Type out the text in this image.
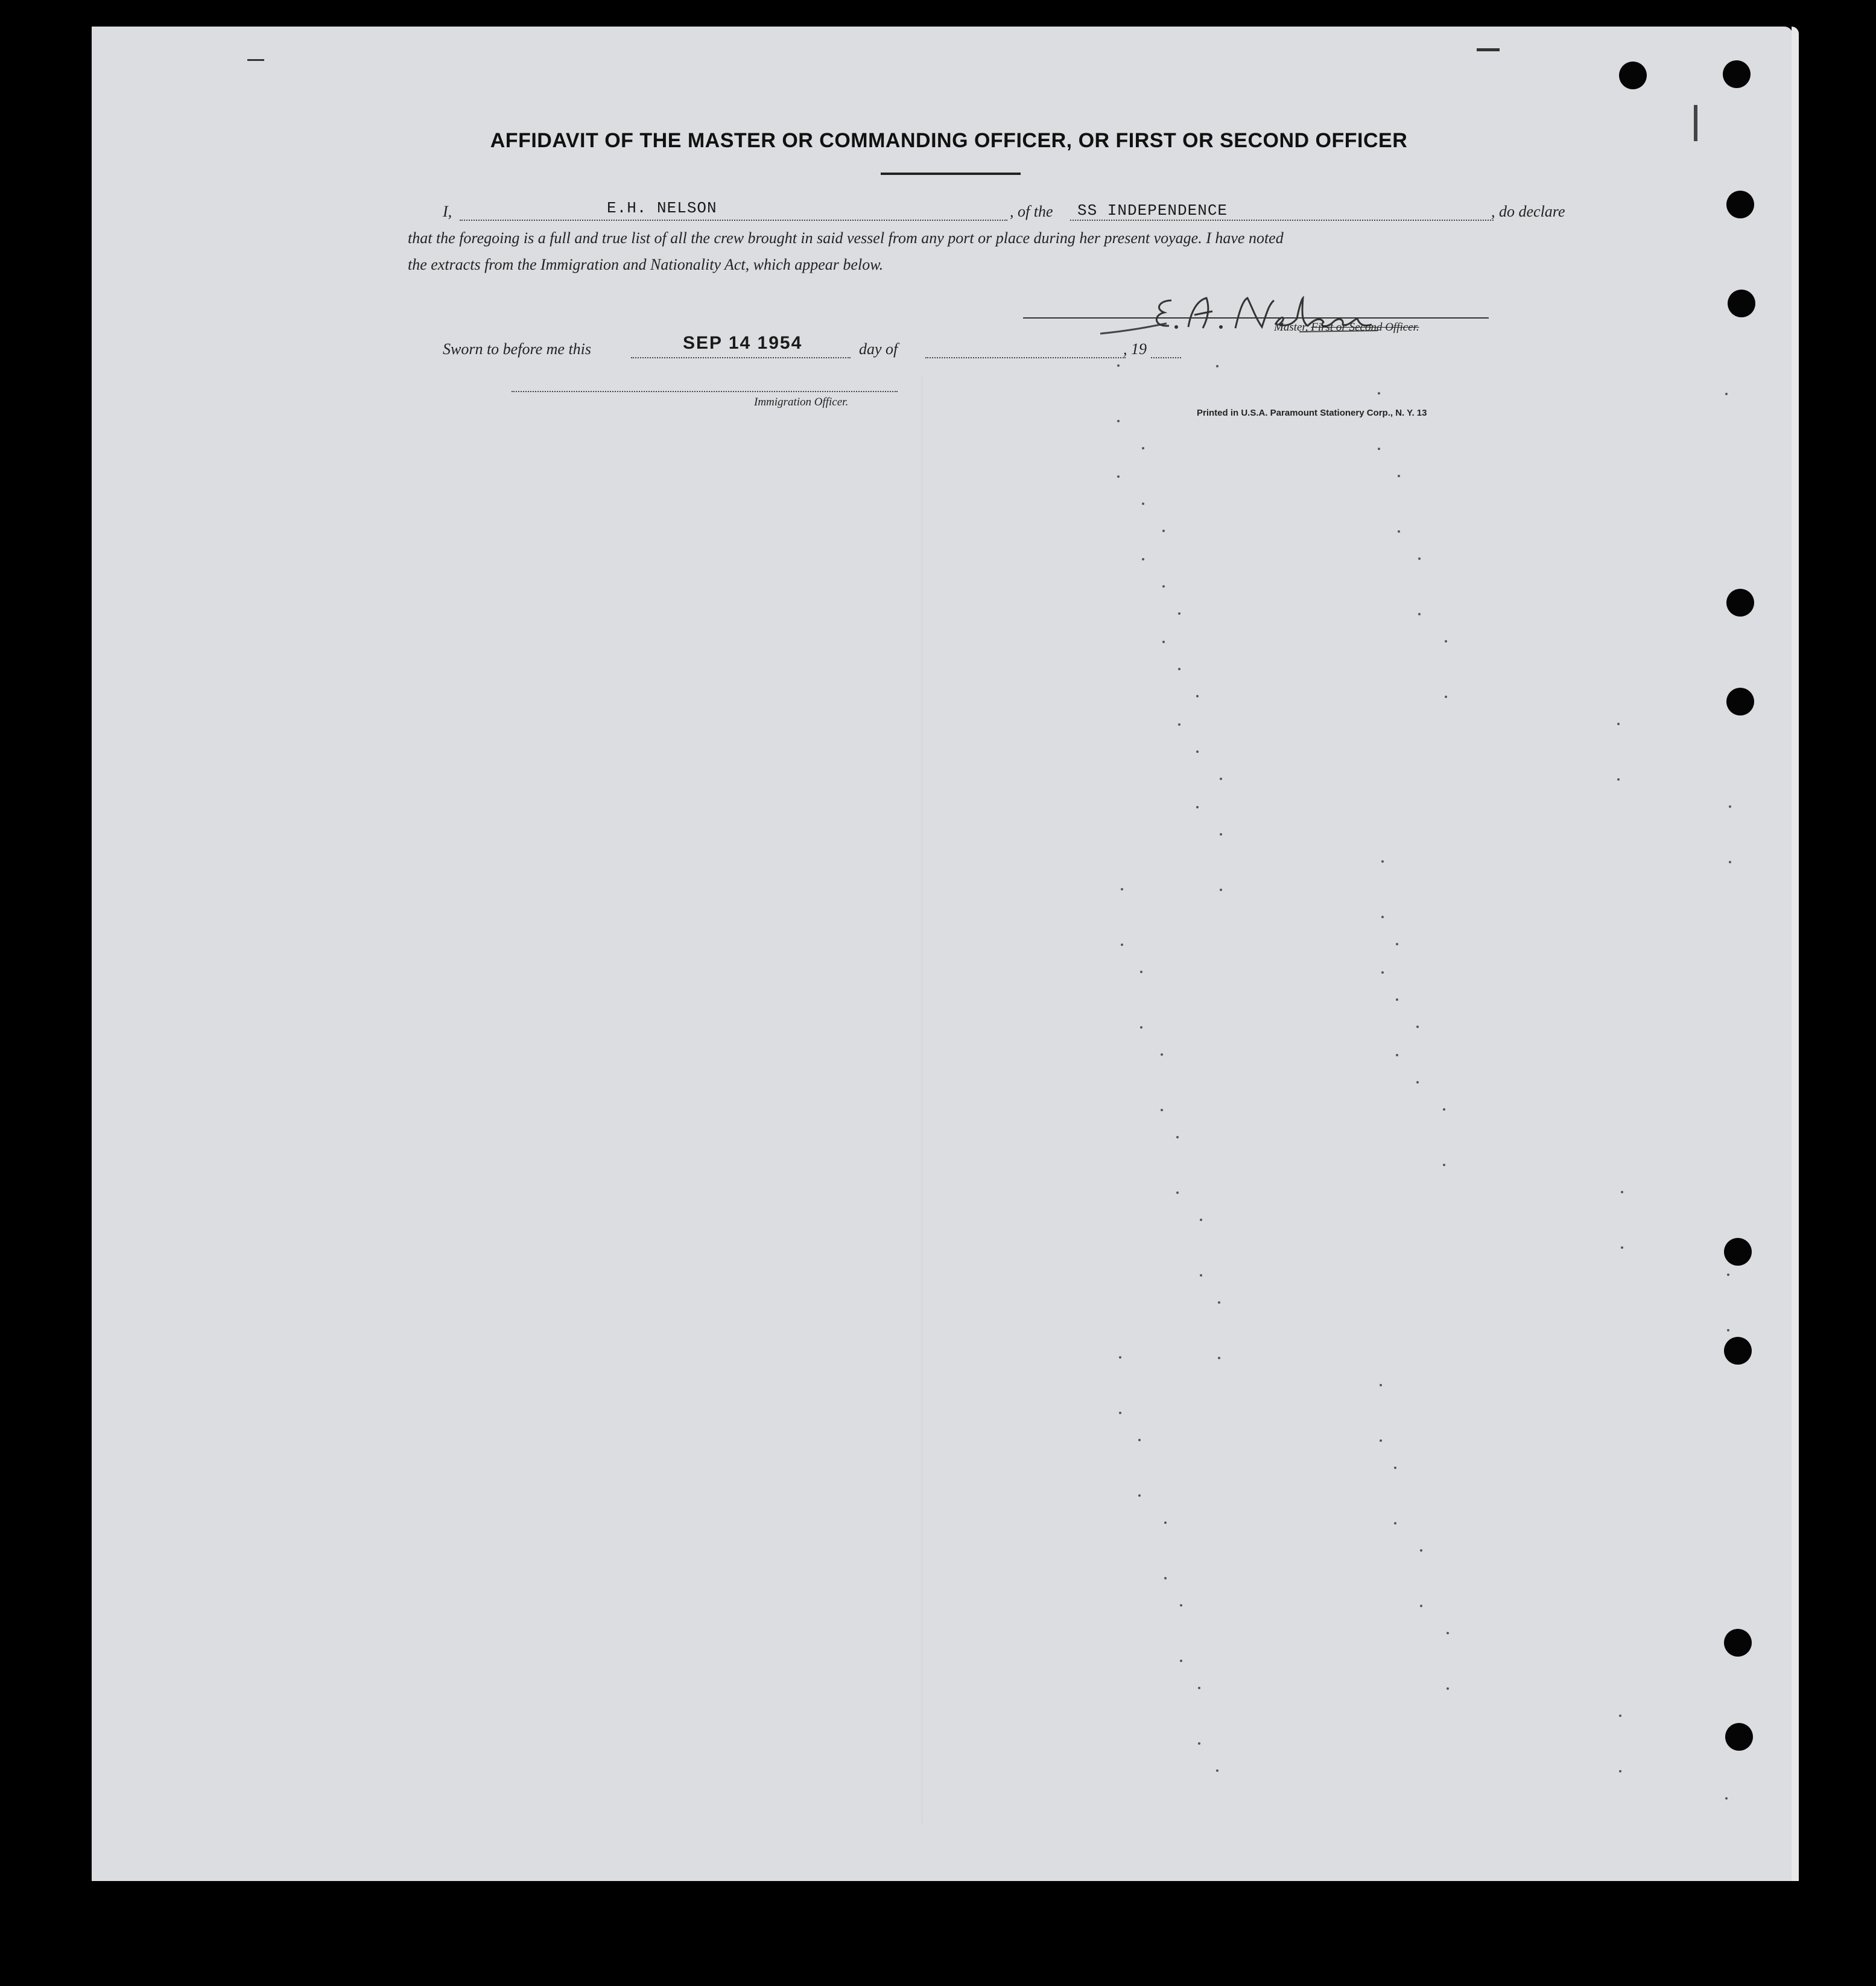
AFFIDAVIT OF THE MASTER OR COMMANDING OFFICER, OR FIRST OR SECOND OFFICER
I,	E.H. NELSON	, of the SS INDEPENDENCE	, do declare
that the foregoing is a full and true list of all the crew brought in said vessel from any port or place during her present voyage. I have noted
the extracts from the Immigration and Nationality Act, which appear below.
Master, First or Second Officer.
Sworn to before me this	SEP 14 1954	day of	, 19
Immigration Officer.
Printed in U.S.A. Paramount Stationery Corp., N. Y. 13
